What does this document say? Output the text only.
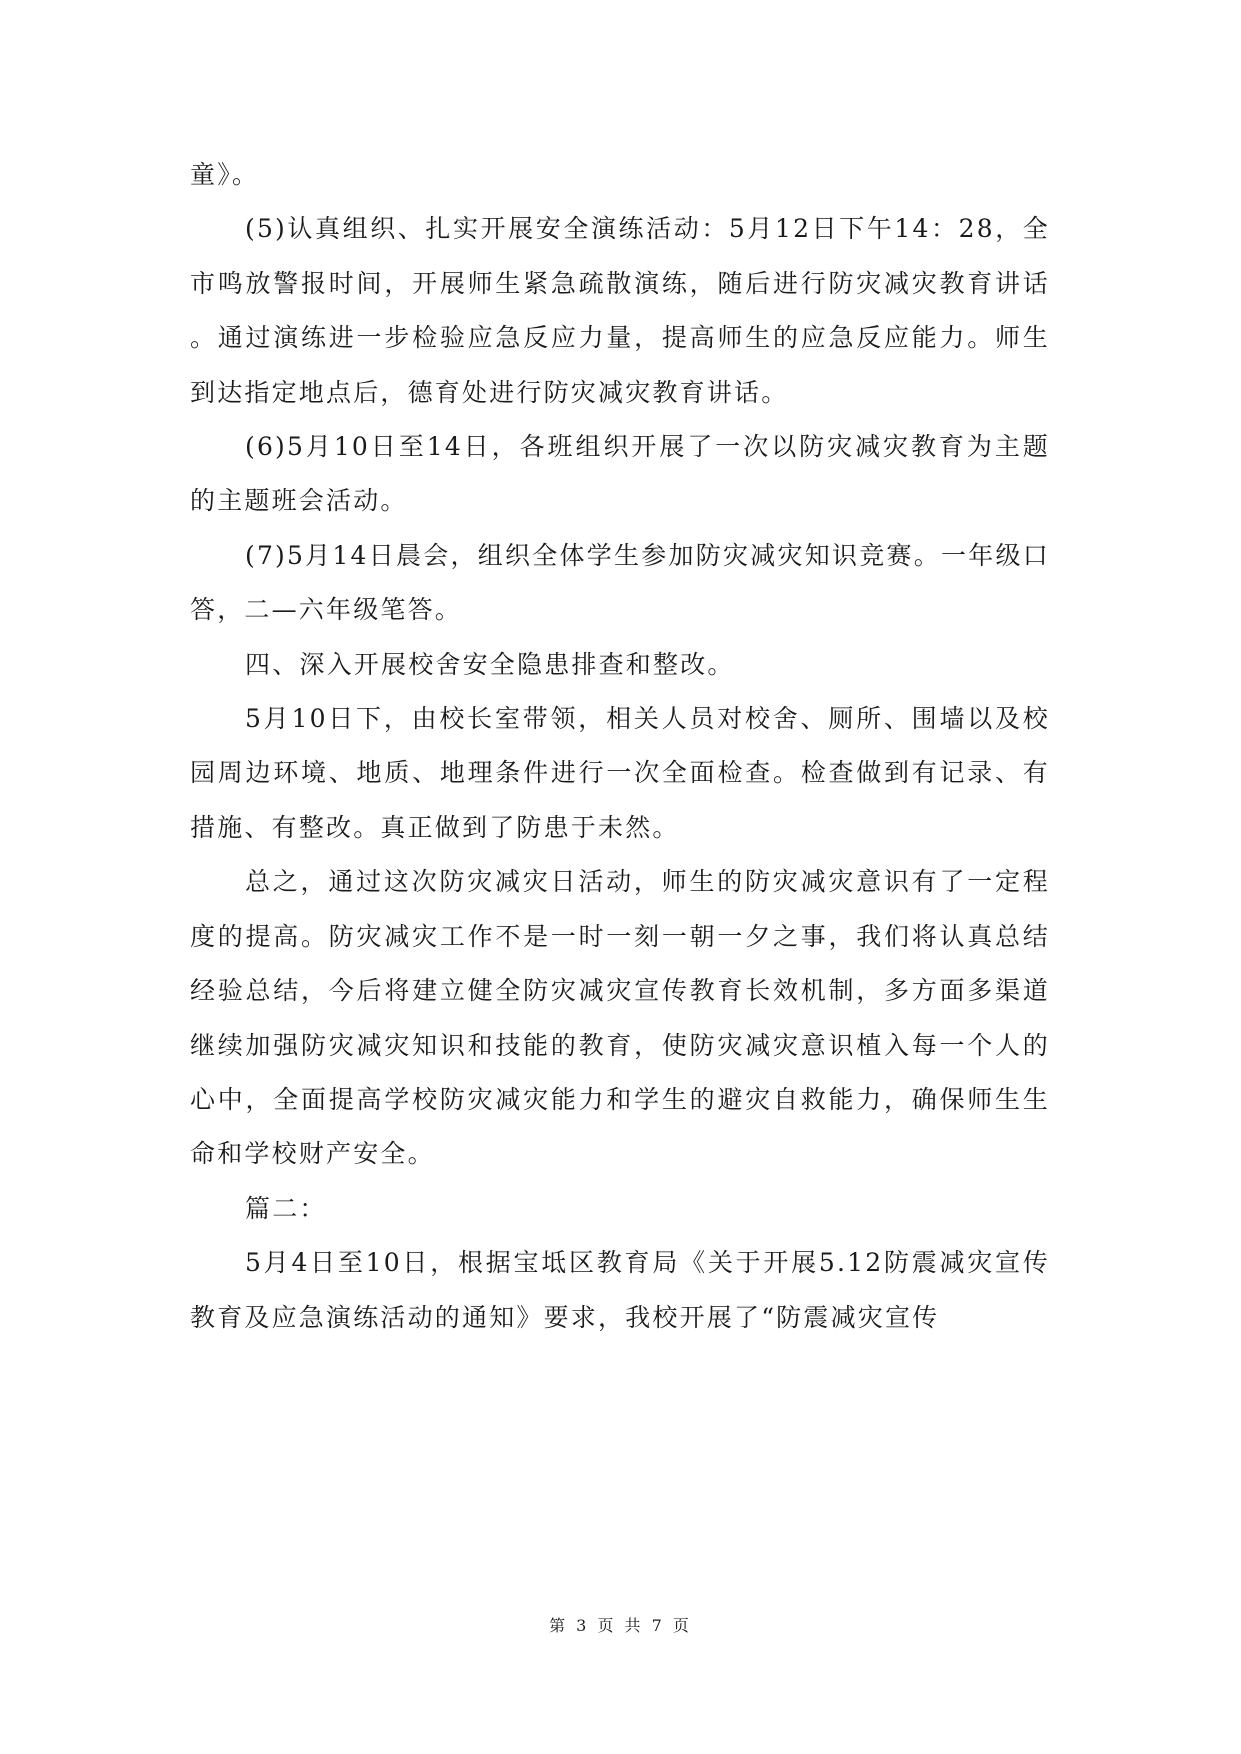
童》。

(5)认真组织、扎实开展安全演练活动：5月12日下午14：28，全市鸣放警报时间，开展师生紧急疏散演练，随后进行防灾减灾教育讲话。通过演练进一步检验应急反应力量，提高师生的应急反应能力。师生到达指定地点后，德育处进行防灾减灾教育讲话。

(6)5月10日至14日，各班组织开展了一次以防灾减灾教育为主题的主题班会活动。

(7)5月14日晨会，组织全体学生参加防灾减灾知识竞赛。一年级口答，二—六年级笔答。

四、深入开展校舍安全隐患排查和整改。

5月10日下，由校长室带领，相关人员对校舍、厕所、围墙以及校园周边环境、地质、地理条件进行一次全面检查。检查做到有记录、有措施、有整改。真正做到了防患于未然。

总之，通过这次防灾减灾日活动，师生的防灾减灾意识有了一定程度的提高。防灾减灾工作不是一时一刻一朝一夕之事，我们将认真总结经验总结，今后将建立健全防灾减灾宣传教育长效机制，多方面多渠道继续加强防灾减灾知识和技能的教育，使防灾减灾意识植入每一个人的心中，全面提高学校防灾减灾能力和学生的避灾自救能力，确保师生生命和学校财产安全。

篇二：

5月4日至10日，根据宝坻区教育局《关于开展5.12防震减灾宣传教育及应急演练活动的通知》要求，我校开展了“防震减灾宣传

第 3 页 共 7 页
